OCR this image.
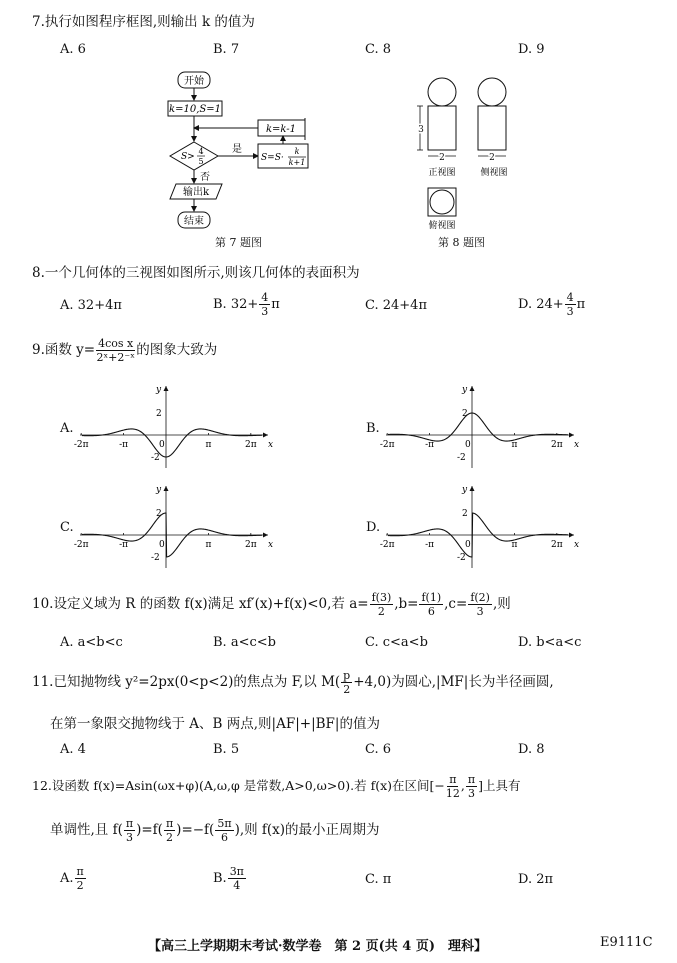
7.执行如图程序框图,则输出 k 的值为
A. 6	B. 7	C. 8	D. 9
开始
k=10,S=1
k=k-1
S>
4
5
是
S=S·
k
k+1
否
输出k
结束
第 7 题图
3
2
正视图
2
侧视图
俯视图
第 8 题图
8.一个几何体的三视图如图所示,则该几何体的表面积为
A. 32+4π	B. $32+ \frac{4}{3}$ π	C. 24+4π	D. $24+ \frac{4}{3}$ π
9.函数 $y= \frac{\text{4cos x}}{\text{2ˣ+2⁻ˣ}}$ 的图象大致为
A.
x
y
2
-2
-2π	-π	0	π	2π
B.
x
y
2
-2
-2π	-π	0	π	2π
C.
x
y
2
-2
-2π	-π	0	π	2π
D.
x
y
2
-2
-2π	-π	0	π	2π
10.设定义域为 R 的函数 f(x)满足 xf′(x)+f(x)<0,若 $a= \frac{f(3)}{2} ,b= \frac{f(1)}{6} ,c= \frac{f(2)}{3}$ ,则
A. a<b<c	B. a<c<b	C. c<a<b	D. b<a<c
11.已知抛物线 y²=2px(0<p<2)的焦点为 F,以 $M( \frac{p}{2} +4,0)$为圆心,|MF|长为半径画圆,
在第一象限交抛物线于 A、B 两点,则|AF|+|BF|的值为
A. 4	B. 5	C. 6	D. 8
12.设函数 f(x)=Asin(ωx+φ)(A,ω,φ 是常数,A>0,ω>0).若 f(x)在区间[− $\frac{\pi}{12}$ , $\frac{\pi}{3}$ ]上具有
单调性,且 $f( \frac{\pi}{3} )=f( \frac{\pi}{2} )=-f( \frac{5\pi}{6}$ ),则 f(x)的最小正周期为
A. $\frac{\pi}{2}$	B. $\frac{3\pi}{4}$	C. π	D. 2π
【高三上学期期末考试·数学卷　第 2 页(共 4 页)　理科】	E9111C
